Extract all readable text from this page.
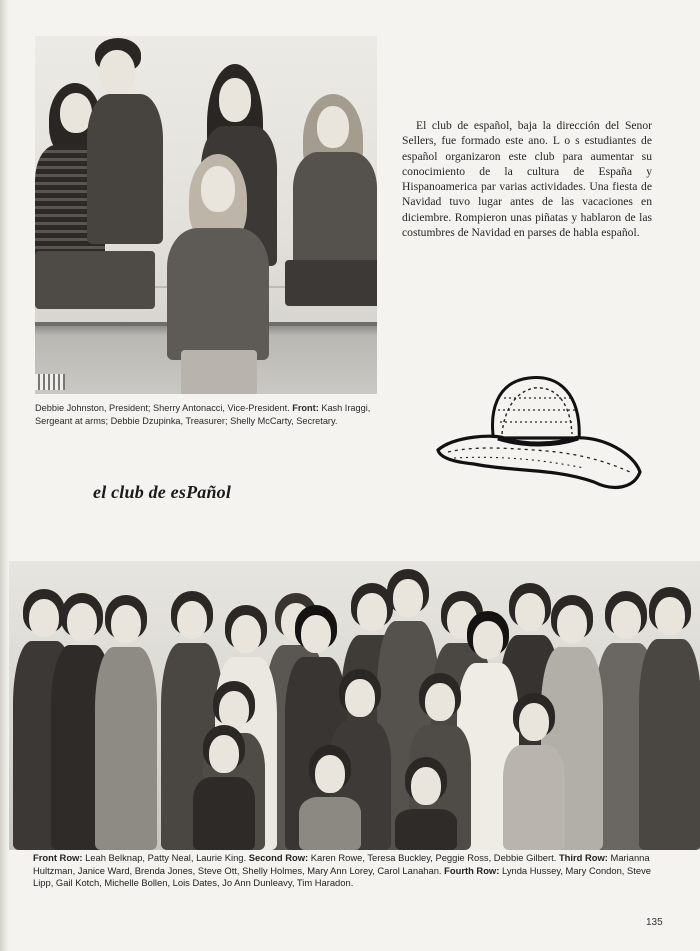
Debbie Johnston, President; Sherry Antonacci, Vice-President. Front: Kash Iraggi, Sergeant at arms; Debbie Dzupinka, Treasurer; Shelly McCarty, Secretary.

El club de español, baja la dirección del Senor Sellers, fue formado este ano. L o s estudiantes de español organizaron este club para aumentar su conocimiento de la cultura de España y Hispanoamerica par varias actividades. Una fiesta de Navidad tuvo lugar antes de las vacaciones en diciembre. Rompieron unas piñatas y hablaron de las costumbres de Navidad en parses de habla español.

el club de esPañol
Front Row: Leah Belknap, Patty Neal, Laurie King. Second Row: Karen Rowe, Teresa Buckley, Peggie Ross, Debbie Gilbert. Third Row: Marianna Hultzman, Janice Ward, Brenda Jones, Steve Ott, Shelly Holmes, Mary Ann Lorey, Carol Lanahan. Fourth Row: Lynda Hussey, Mary Condon, Steve Lipp, Gail Kotch, Michelle Bollen, Lois Dates, Jo Ann Dunleavy, Tim Haradon.
135
